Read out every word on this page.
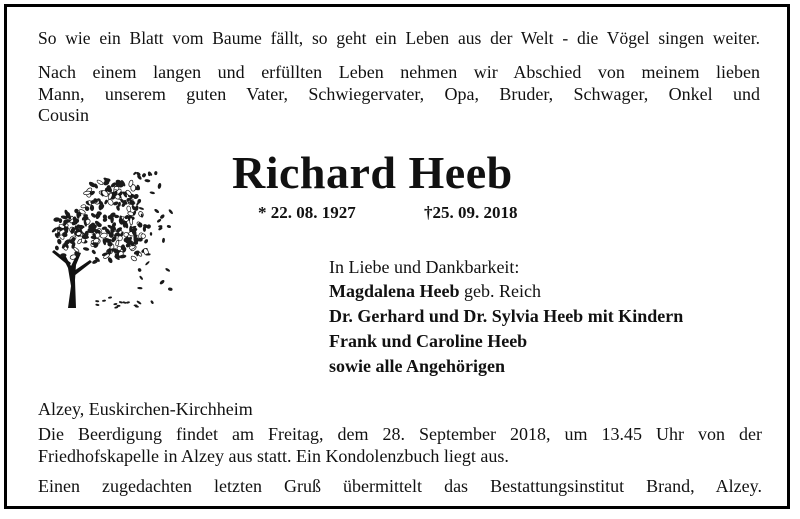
So wie ein Blatt vom Baume fällt, so geht ein Leben aus der Welt - die Vögel singen weiter.
Nach einem langen und erfüllten Leben nehmen wir Abschied von meinem lieben
Mann, unserem guten Vater, Schwiegervater, Opa, Bruder, Schwager, Onkel und
Cousin
Richard Heeb
* 22. 08. 1927	†25. 09. 2018
In Liebe und Dankbarkeit:
Magdalena Heeb geb. Reich
Dr. Gerhard und Dr. Sylvia Heeb mit Kindern
Frank und Caroline Heeb
sowie alle Angehörigen
Alzey, Euskirchen-Kirchheim
Die Beerdigung findet am Freitag, dem 28. September 2018, um 13.45 Uhr von der
Friedhofskapelle in Alzey aus statt. Ein Kondolenzbuch liegt aus.
Einen zugedachten letzten Gruß übermittelt das Bestattungsinstitut Brand, Alzey.
